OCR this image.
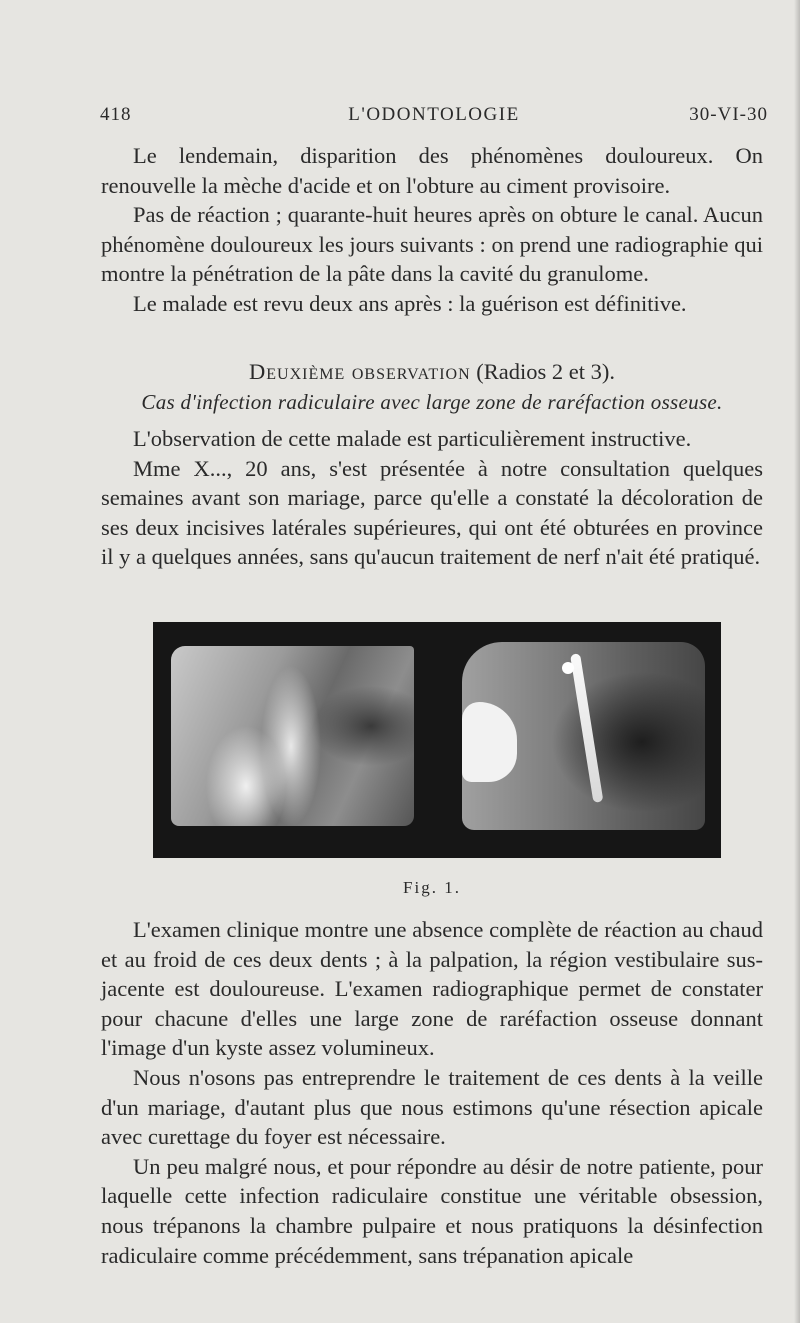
418	L'ODONTOLOGIE	30-VI-30

Le lendemain, disparition des phénomènes douloureux. On renouvelle la mèche d'acide et on l'obture au ciment provisoire.

Pas de réaction ; quarante-huit heures après on obture le canal. Aucun phénomène douloureux les jours suivants : on prend une radiographie qui montre la pénétration de la pâte dans la cavité du granulome.

Le malade est revu deux ans après : la guérison est définitive.

Deuxième observation (Radios 2 et 3).
Cas d'infection radiculaire avec large zone de raréfaction osseuse.

L'observation de cette malade est particulièrement instructive.

Mme X..., 20 ans, s'est présentée à notre consultation quelques semaines avant son mariage, parce qu'elle a constaté la décoloration de ses deux incisives latérales supérieures, qui ont été obturées en province il y a quelques années, sans qu'aucun traitement de nerf n'ait été pratiqué.

Fig. 1.

L'examen clinique montre une absence complète de réaction au chaud et au froid de ces deux dents ; à la palpation, la région vestibulaire sus-jacente est douloureuse. L'examen radiographique permet de constater pour chacune d'elles une large zone de raréfaction osseuse donnant l'image d'un kyste assez volumineux.

Nous n'osons pas entreprendre le traitement de ces dents à la veille d'un mariage, d'autant plus que nous estimons qu'une résection apicale avec curettage du foyer est nécessaire.

Un peu malgré nous, et pour répondre au désir de notre patiente, pour laquelle cette infection radiculaire constitue une véritable obsession, nous trépanons la chambre pulpaire et nous pratiquons la désinfection radiculaire comme précédemment, sans trépanation apicale
